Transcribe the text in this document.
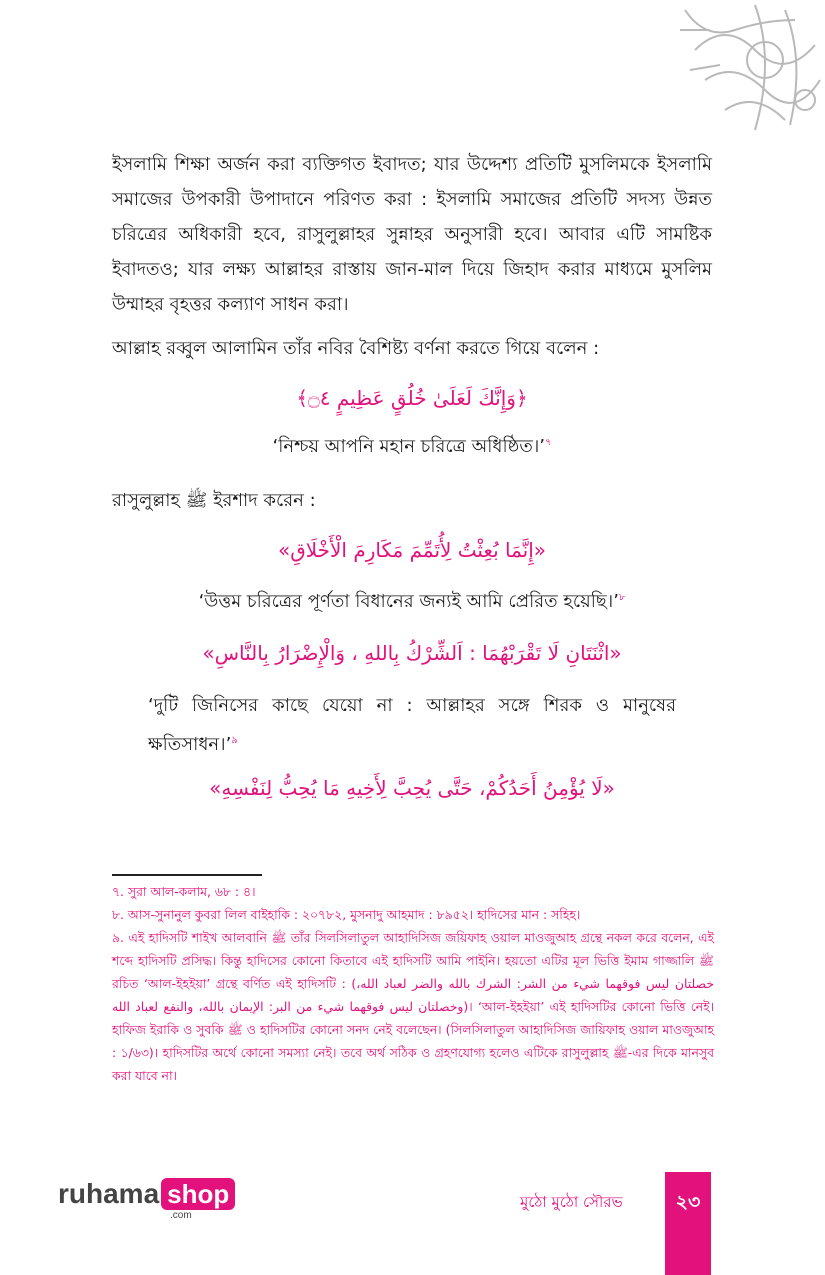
ইসলামি শিক্ষা অর্জন করা ব্যক্তিগত ইবাদত; যার উদ্দেশ্য প্রতিটি মুসলিমকে ইসলামি সমাজের উপকারী উপাদানে পরিণত করা : ইসলামি সমাজের প্রতিটি সদস্য উন্নত চরিত্রের অধিকারী হবে, রাসুলুল্লাহর সুন্নাহর অনুসারী হবে। আবার এটি সামষ্টিক ইবাদতও; যার লক্ষ্য আল্লাহর রাস্তায় জান-মাল দিয়ে জিহাদ করার মাধ্যমে মুসলিম উম্মাহর বৃহত্তর কল্যাণ সাধন করা।

আল্লাহ রব্বুল আলামিন তাঁর নবির বৈশিষ্ট্য বর্ণনা করতে গিয়ে বলেন :

﴿وَإِنَّكَ لَعَلَىٰ خُلُقٍ عَظِيمٍ ۝٤﴾
‘নিশ্চয় আপনি মহান চরিত্রে অধিষ্ঠিত।’$^৭$

রাসুলুল্লাহ ﷺ ইরশাদ করেন :

«إِنَّمَا بُعِثْتُ لِأُتَمِّمَ مَكَارِمَ الْأَخْلَاقِ»
‘উত্তম চরিত্রের পূর্ণতা বিধানের জন্যই আমি প্রেরিত হয়েছি।’$^৮$
«اثْنَتَانِ لَا تَقْرَبْهُمَا : اَلشِّرْكُ بِاللهِ ، وَالْإِضْرَارُ بِالنَّاسِ»

‘দুটি জিনিসের কাছে যেয়ো না : আল্লাহর সঙ্গে শিরক ও মানুষের ক্ষতিসাধন।’$^৯$

«لَا يُؤْمِنُ أَحَدُكُمْ، حَتَّى يُحِبَّ لِأَخِيهِ مَا يُحِبُّ لِنَفْسِهِ»

৭. সুরা আল-কলাম, ৬৮ : ৪।

৮. আস-সুনানুল কুবরা লিল বাইহাকি : ২০৭৮২, মুসনাদু আহমাদ : ৮৯৫২। হাদিসের মান : সহিহ।

৯. এই হাদিসটি শাইখ আলবানি ﷺ তাঁর সিলসিলাতুল আহাদিসিজ জয়িফাহ ওয়াল মাওজুআহ গ্রন্থে নকল করে বলেন, এই শব্দে হাদিসটি প্রসিদ্ধ। কিন্তু হাদিসের কোনো কিতাবে এই হাদিসটি আমি পাইনি। হয়তো এটির মূল ভিত্তি ইমাম গাজ্জালি ﷺ রচিত ‘আল-ইহইয়া’ গ্রন্থে বর্ণিত এই হাদিসটি : (خصلتان ليس فوقهما شيء من الشر: الشرك بالله والضر لعباد الله، وخصلتان ليس فوقهما شيء من البر: الإيمان بالله، والنفع لعباد الله)। ‘আল-ইহইয়া’ এই হাদিসটির কোনো ভিত্তি নেই। হাফিজ ইরাকি ও সুবকি ﷺ ও হাদিসটির কোনো সনদ নেই বলেছেন। (সিলসিলাতুল আহাদিসিজ জায়িফাহ ওয়াল মাওজুআহ : ১/৬৩)। হাদিসটির অর্থে কোনো সমস্যা নেই। তবে অর্থ সঠিক ও গ্রহণযোগ্য হলেও এটিকে রাসুলুল্লাহ ﷺ-এর দিকে মানসুব করা যাবে না।

ruhama shop
.com
মুঠো মুঠো সৌরভ	২৩
